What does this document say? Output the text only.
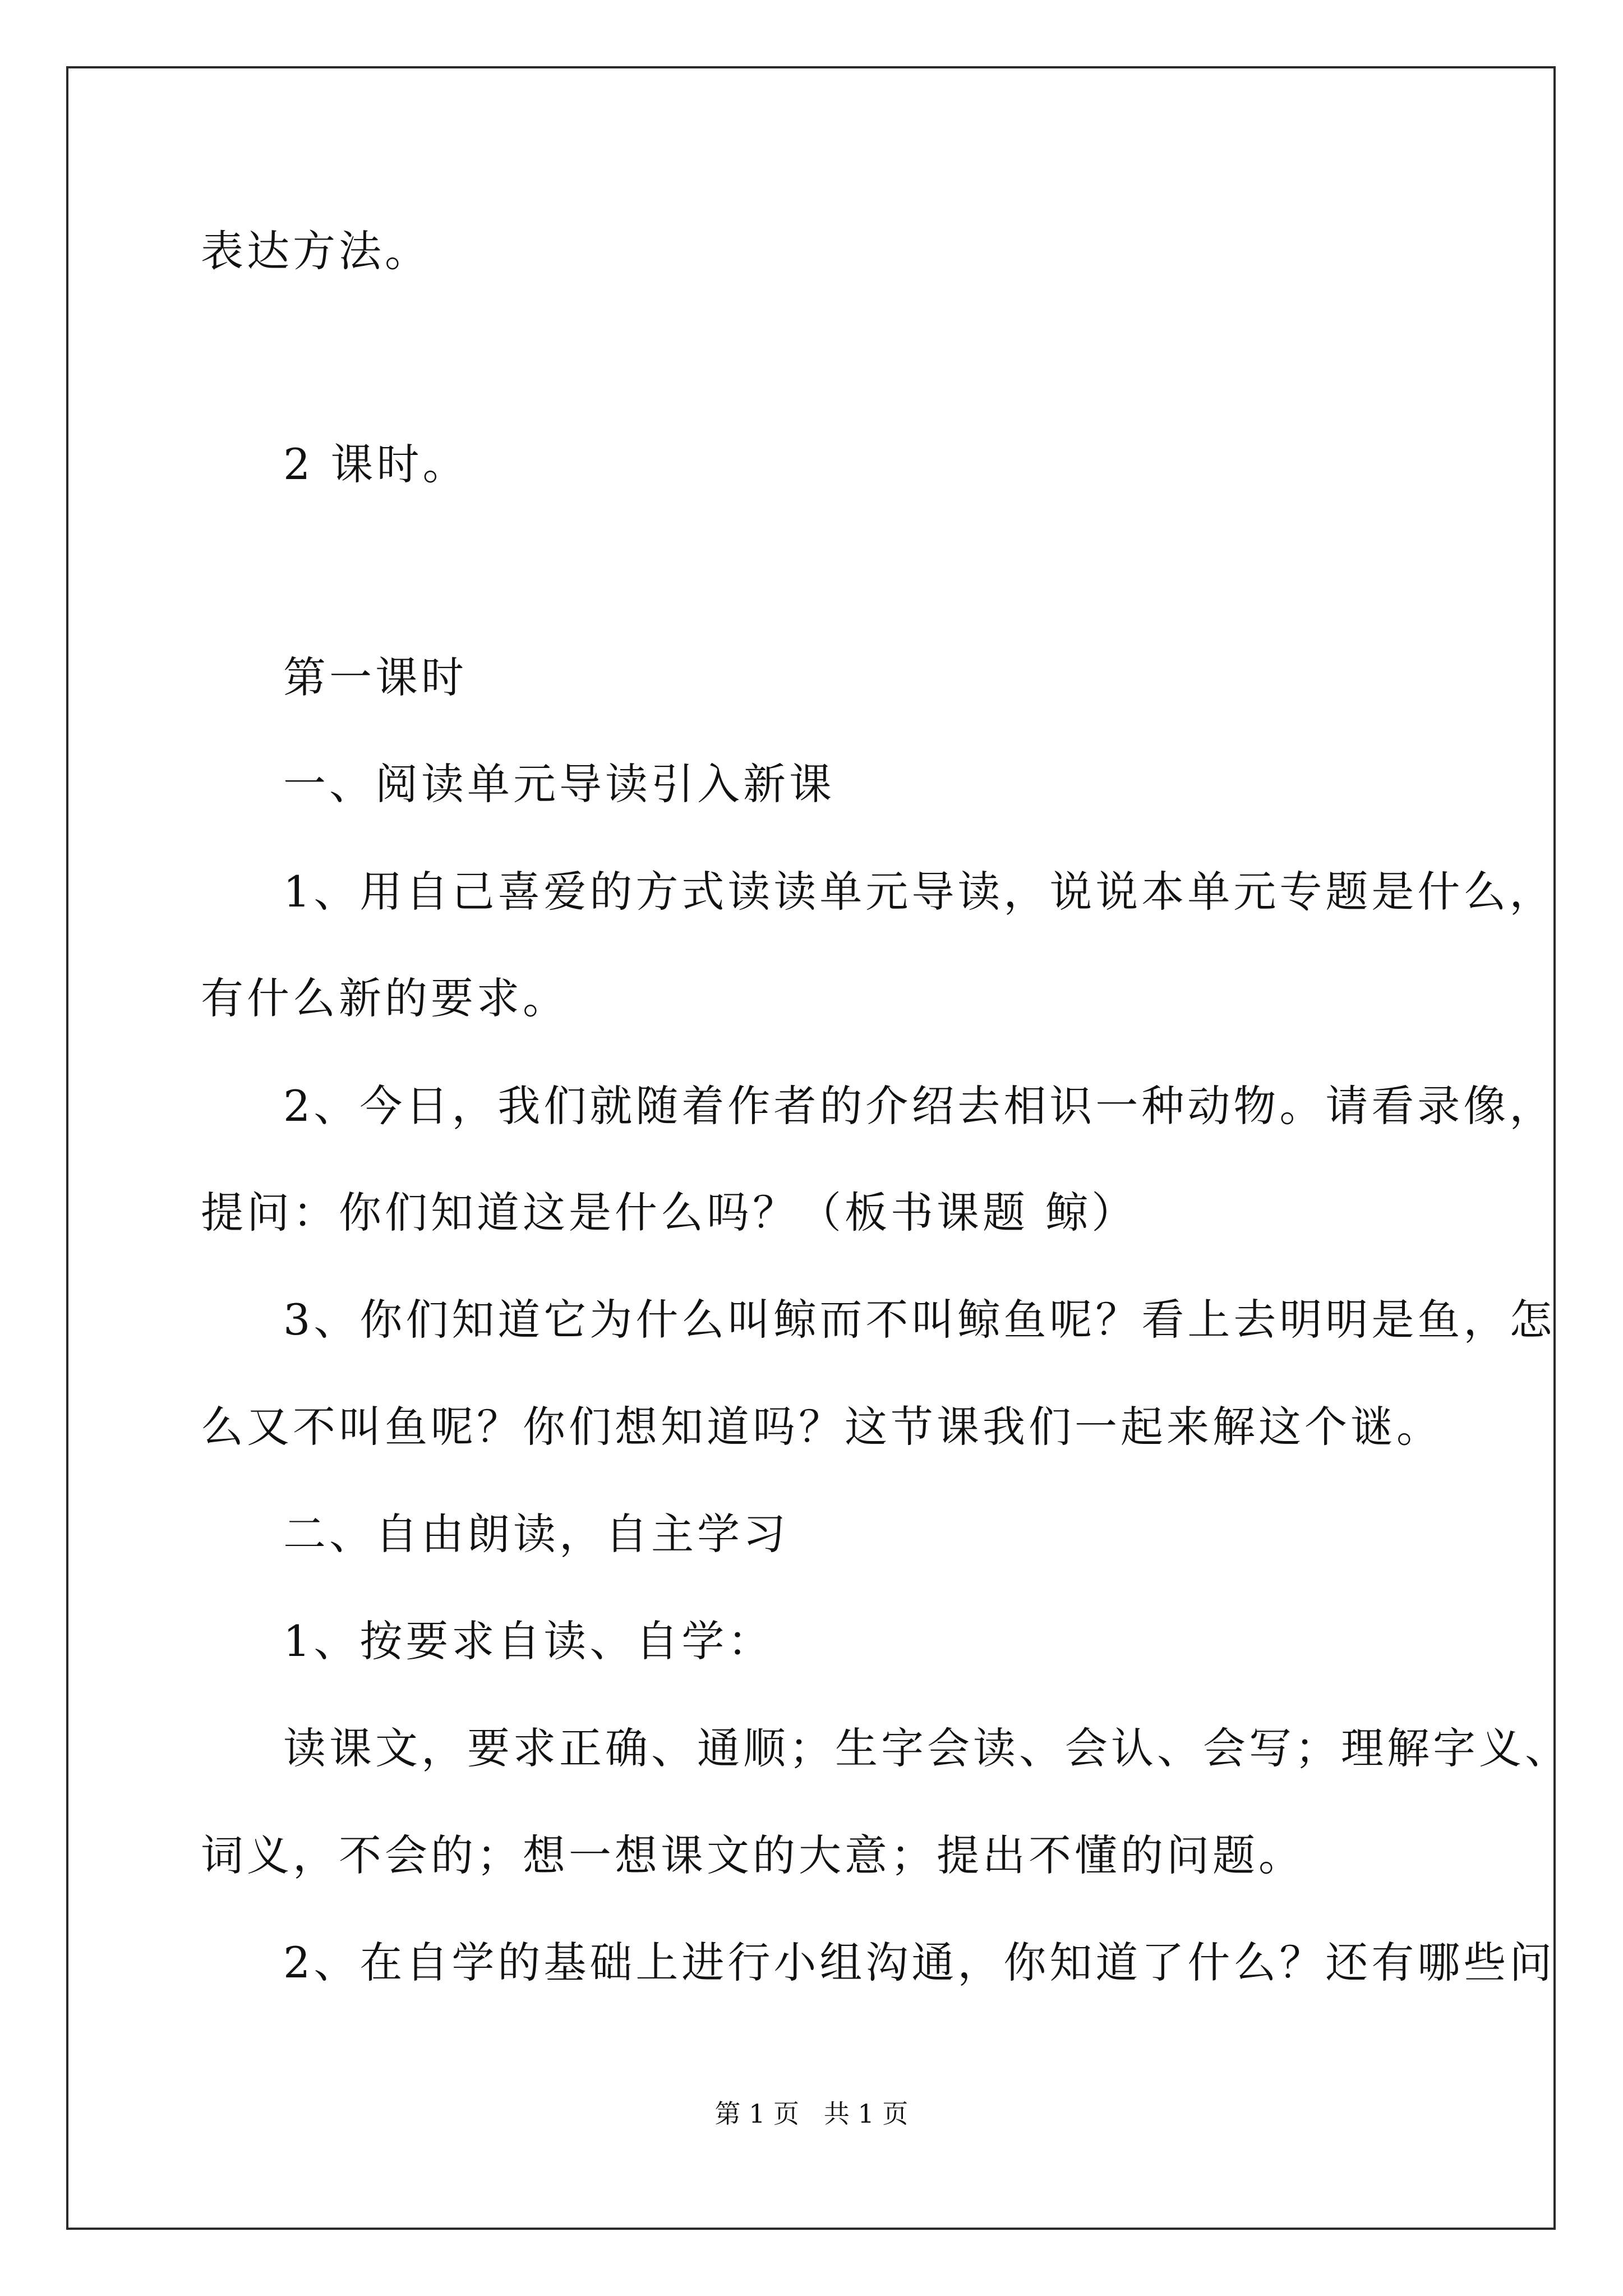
表达方法。
2 课时。
第一课时
一、阅读单元导读引入新课
1、用自己喜爱的方式读读单元导读，说说本单元专题是什么，
有什么新的要求。
2、今日，我们就随着作者的介绍去相识一种动物。请看录像，
提问：你们知道这是什么吗？（板书课题 鲸）
3、你们知道它为什么叫鲸而不叫鲸鱼呢？看上去明明是鱼，怎
么又不叫鱼呢？你们想知道吗？这节课我们一起来解这个谜。
二、自由朗读，自主学习
1、按要求自读、自学：
读课文，要求正确、通顺；生字会读、会认、会写；理解字义、
词义，不会的；想一想课文的大意；提出不懂的问题。
2、在自学的基础上进行小组沟通，你知道了什么？还有哪些问
第 1 页   共 1 页
